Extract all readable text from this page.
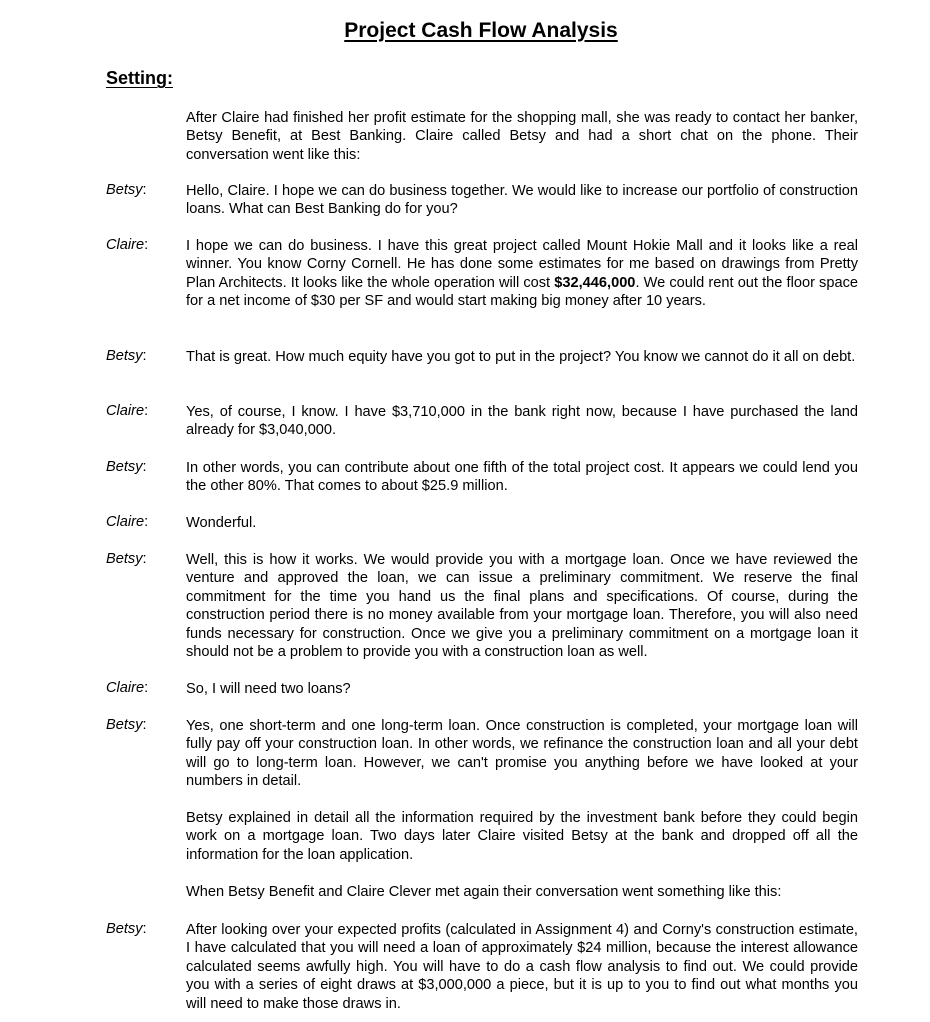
Project Cash Flow Analysis
Setting:
After Claire had finished her profit estimate for the shopping mall, she was ready to contact her banker, Betsy Benefit, at Best Banking. Claire called Betsy and had a short chat on the phone. Their conversation went like this:
Betsy:	Hello, Claire. I hope we can do business together. We would like to increase our portfolio of construction loans. What can Best Banking do for you?
Claire:	I hope we can do business. I have this great project called Mount Hokie Mall and it looks like a real winner. You know Corny Cornell. He has done some estimates for me based on drawings from Pretty Plan Architects. It looks like the whole operation will cost $32,446,000. We could rent out the floor space for a net income of $30 per SF and would start making big money after 10 years.
Betsy:	That is great. How much equity have you got to put in the project? You know we cannot do it all on debt.
Claire:	Yes, of course, I know. I have $3,710,000 in the bank right now, because I have purchased the land already for $3,040,000.
Betsy:	In other words, you can contribute about one fifth of the total project cost. It appears we could lend you the other 80%. That comes to about $25.9 million.
Claire:	Wonderful.
Betsy:	Well, this is how it works. We would provide you with a mortgage loan. Once we have reviewed the venture and approved the loan, we can issue a preliminary commitment. We reserve the final commitment for the time you hand us the final plans and specifications. Of course, during the construction period there is no money available from your mortgage loan. Therefore, you will also need funds necessary for construction. Once we give you a preliminary commitment on a mortgage loan it should not be a problem to provide you with a construction loan as well.
Claire:	So, I will need two loans?
Betsy:	Yes, one short-term and one long-term loan. Once construction is completed, your mortgage loan will fully pay off your construction loan. In other words, we refinance the construction loan and all your debt will go to long-term loan. However, we can't promise you anything before we have looked at your numbers in detail.
Betsy explained in detail all the information required by the investment bank before they could begin work on a mortgage loan. Two days later Claire visited Betsy at the bank and dropped off all the information for the loan application.
When Betsy Benefit and Claire Clever met again their conversation went something like this:
Betsy:	After looking over your expected profits (calculated in Assignment 4) and Corny's construction estimate, I have calculated that you will need a loan of approximately $24 million, because the interest allowance calculated seems awfully high. You will have to do a cash flow analysis to find out. We could provide you with a series of eight draws at $3,000,000 a piece, but it is up to you to find out what months you will need to make those draws in.
